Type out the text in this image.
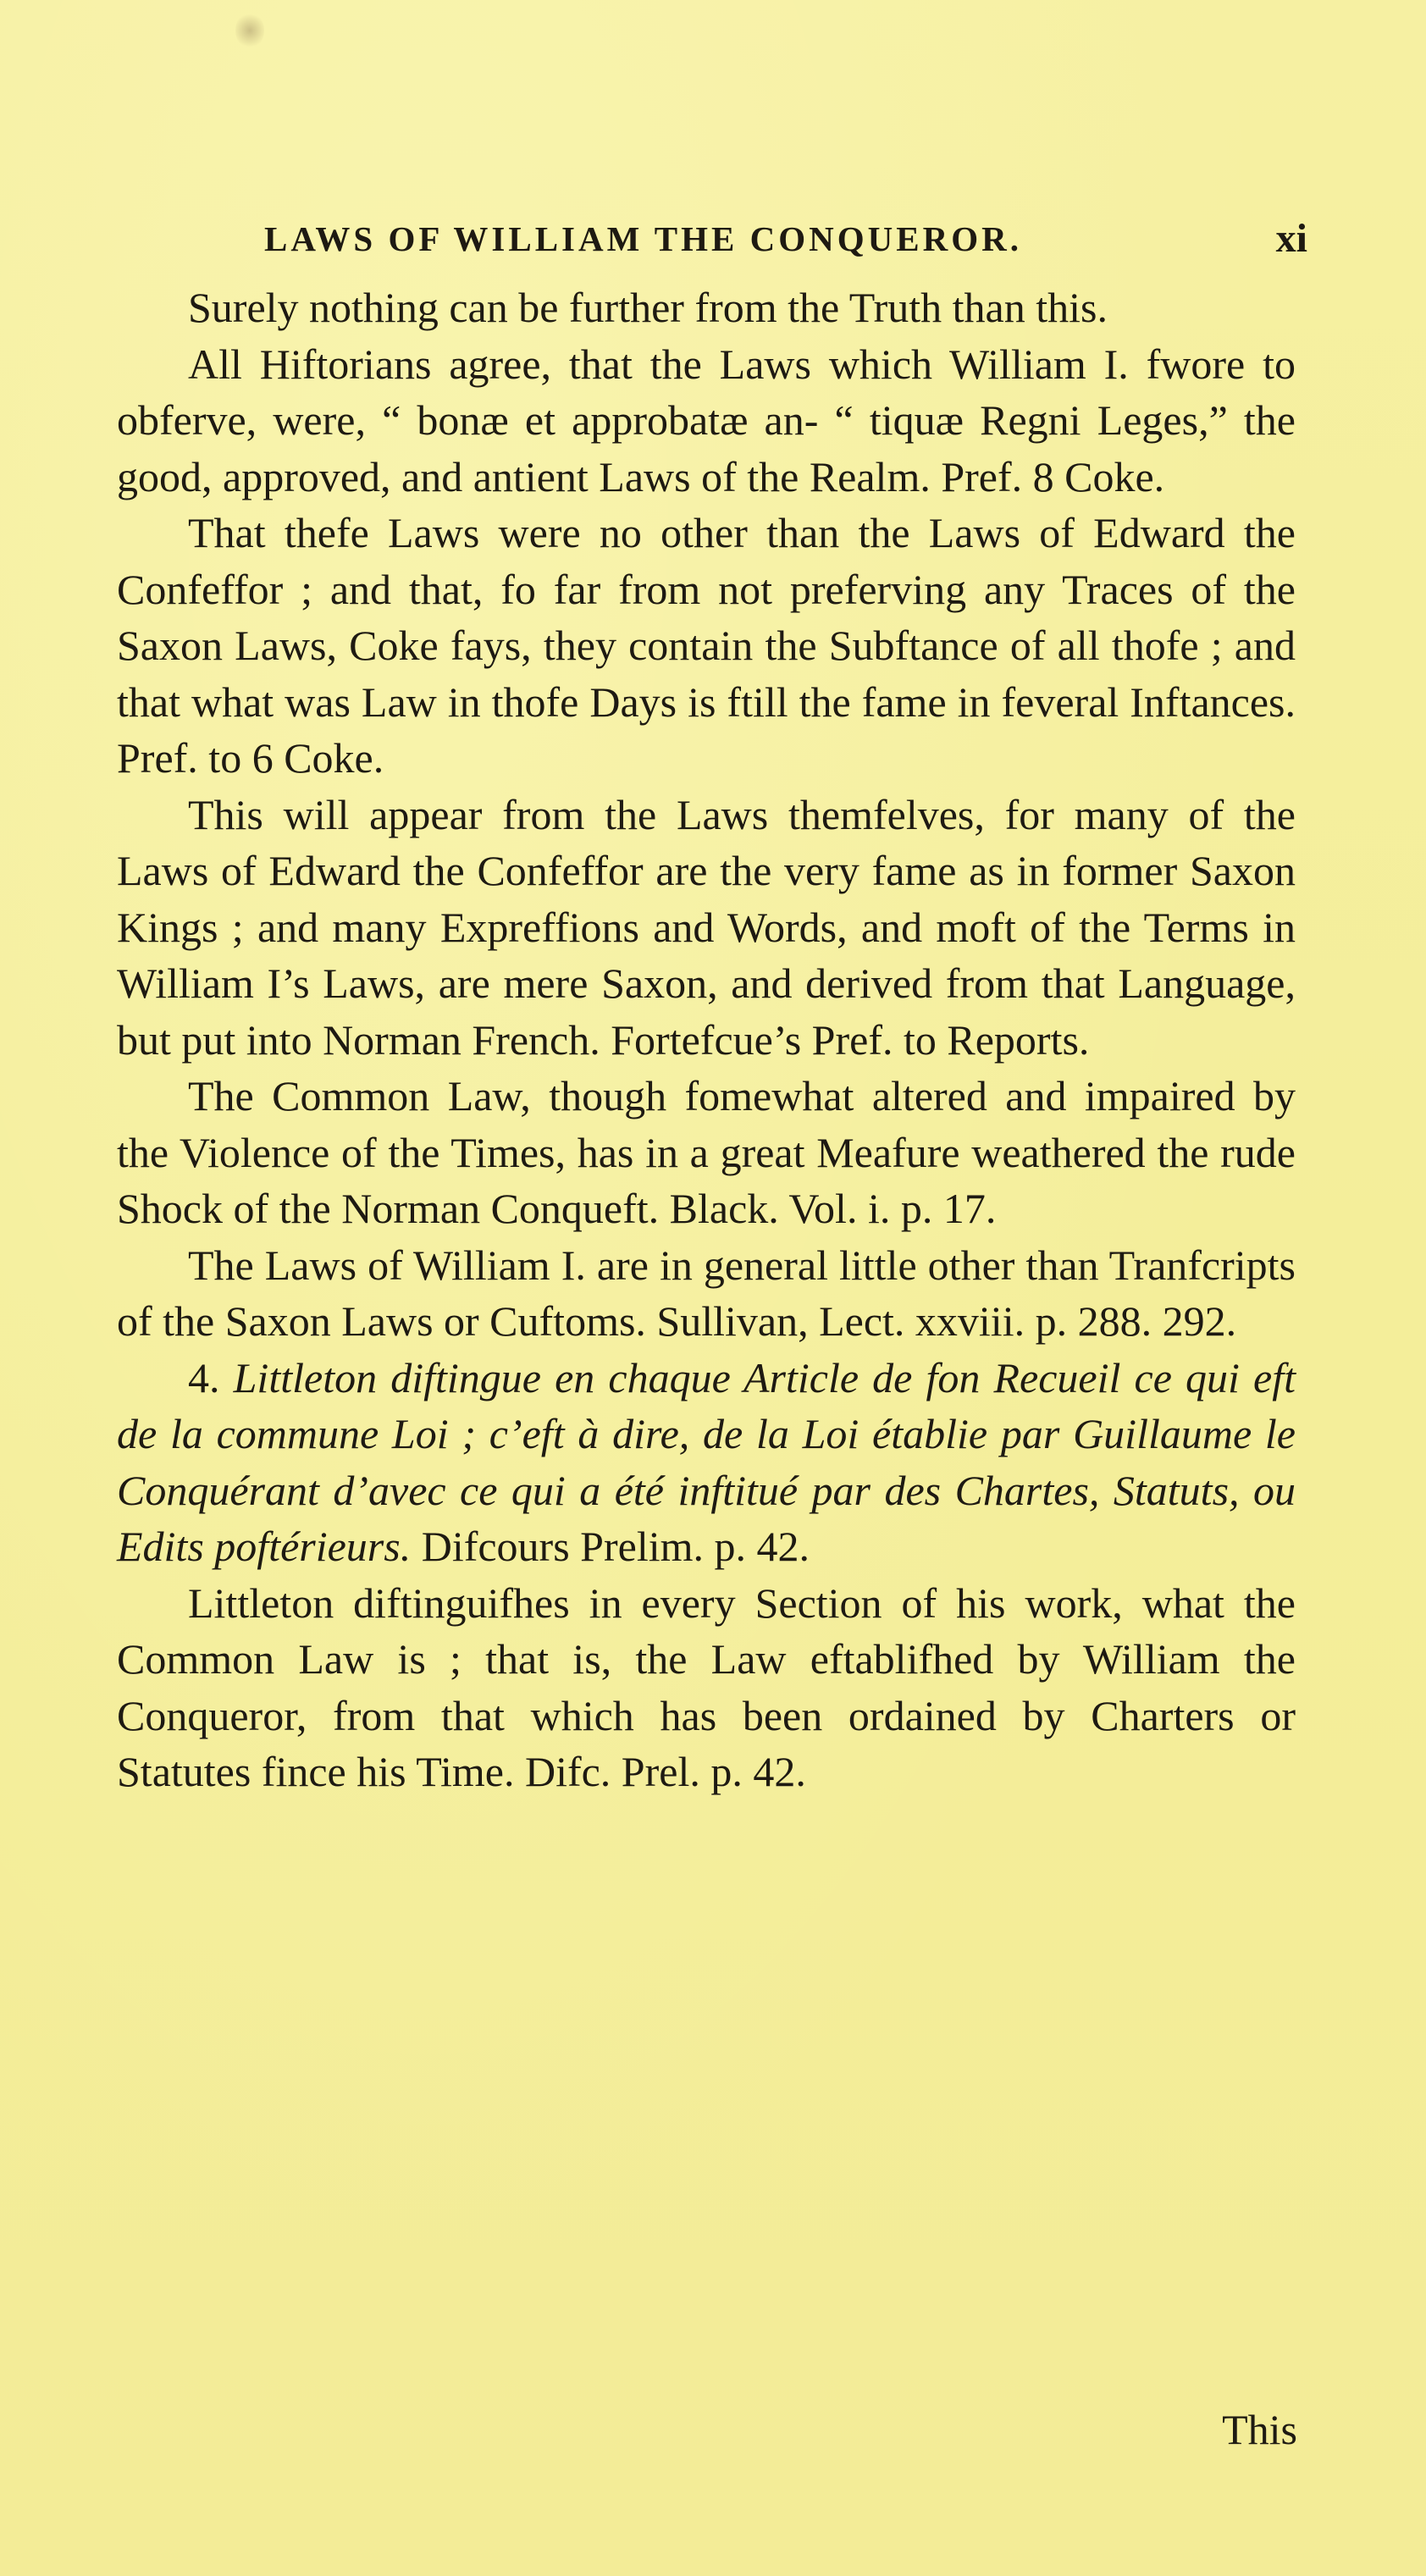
LAWS OF WILLIAM THE CONQUEROR.	xi

Surely nothing can be further from the Truth than this.

All Hiftorians agree, that the Laws which William I. fwore to obferve, were, “ bonæ et approbatæ an- “ tiquæ Regni Leges,” the good, approved, and antient Laws of the Realm. Pref. 8 Coke.

That thefe Laws were no other than the Laws of Edward the Confeffor ; and that, fo far from not preferving any Traces of the Saxon Laws, Coke fays, they contain the Subftance of all thofe ; and that what was Law in thofe Days is ftill the fame in feveral Inftances. Pref. to 6 Coke.

This will appear from the Laws themfelves, for many of the Laws of Edward the Confeffor are the very fame as in former Saxon Kings ; and many Expreffions and Words, and moft of the Terms in William I’s Laws, are mere Saxon, and derived from that Language, but put into Norman French. Fortefcue’s Pref. to Reports.

The Common Law, though fomewhat altered and impaired by the Violence of the Times, has in a great Meafure weathered the rude Shock of the Norman Conqueft. Black. Vol. i. p. 17.

The Laws of William I. are in general little other than Tranfcripts of the Saxon Laws or Cuftoms. Sullivan, Lect. xxviii. p. 288. 292.

4. Littleton diftingue en chaque Article de fon Recueil ce qui eft de la commune Loi ; c’eft à dire, de la Loi établie par Guillaume le Conquérant d’avec ce qui a été inftitué par des Chartes, Statuts, ou Edits poftérieurs. Difcours Prelim. p. 42.

Littleton diftinguifhes in every Section of his work, what the Common Law is ; that is, the Law eftablifhed by William the Conqueror, from that which has been ordained by Charters or Statutes fince his Time. Difc. Prel. p. 42.

This
